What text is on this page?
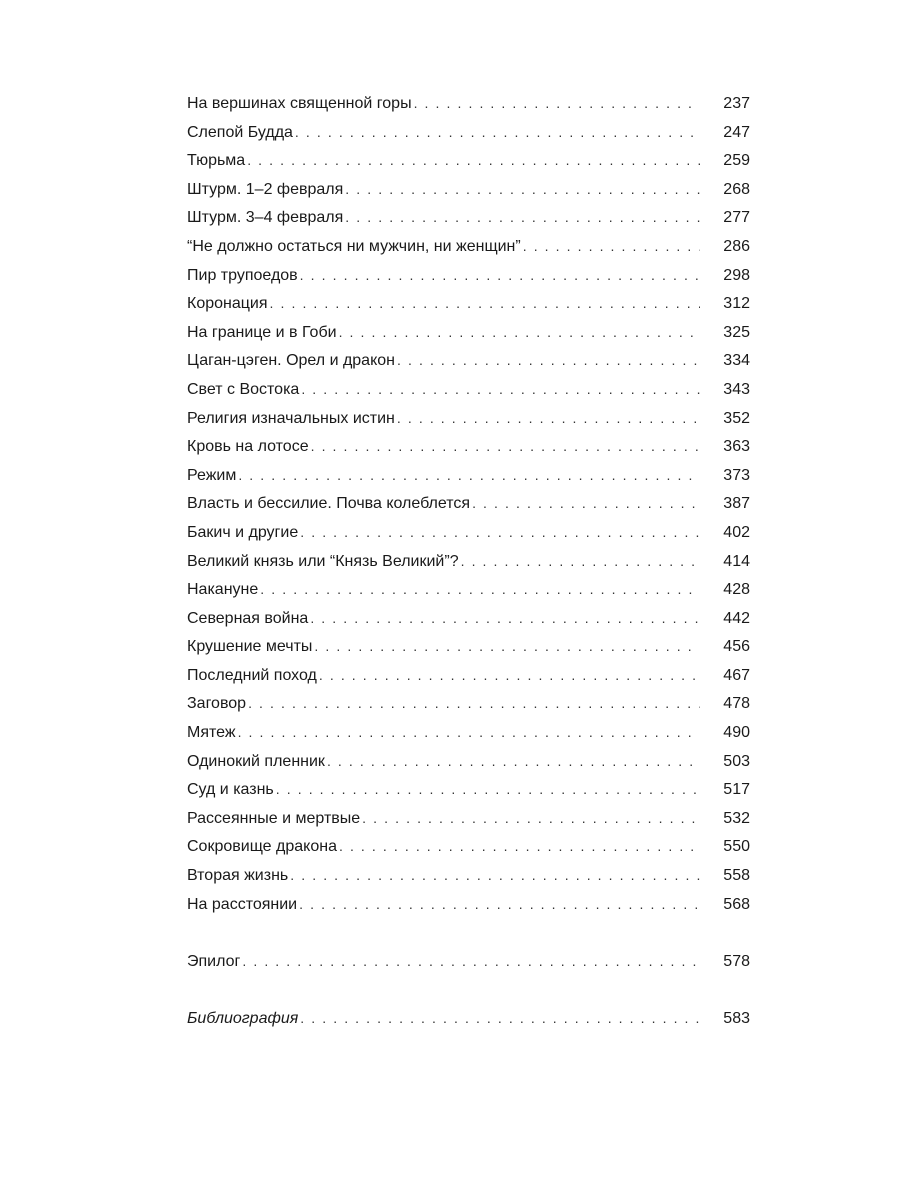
На вершинах священной горы . . .	237
Слепой Будда . . .	247
Тюрьма . . .	259
Штурм. 1–2 февраля . . .	268
Штурм. 3–4 февраля . . .	277
“Не должно остаться ни мужчин, ни женщин” . . .	286
Пир трупоедов . . .	298
Коронация . . .	312
На границе и в Гоби . . .	325
Цаган-цэген. Орел и дракон . . .	334
Свет с Востока . . .	343
Религия изначальных истин . . .	352
Кровь на лотосе . . .	363
Режим . . .	373
Власть и бессилие. Почва колеблется . . .	387
Бакич и другие . . .	402
Великий князь или “Князь Великий”? . . .	414
Накануне . . .	428
Северная война . . .	442
Крушение мечты . . .	456
Последний поход . . .	467
Заговор . . .	478
Мятеж . . .	490
Одинокий пленник . . .	503
Суд и казнь . . .	517
Рассеянные и мертвые . . .	532
Сокровище дракона . . .	550
Вторая жизнь . . .	558
На расстоянии . . .	568
Эпилог . . .	578
Библиография . . .	583
